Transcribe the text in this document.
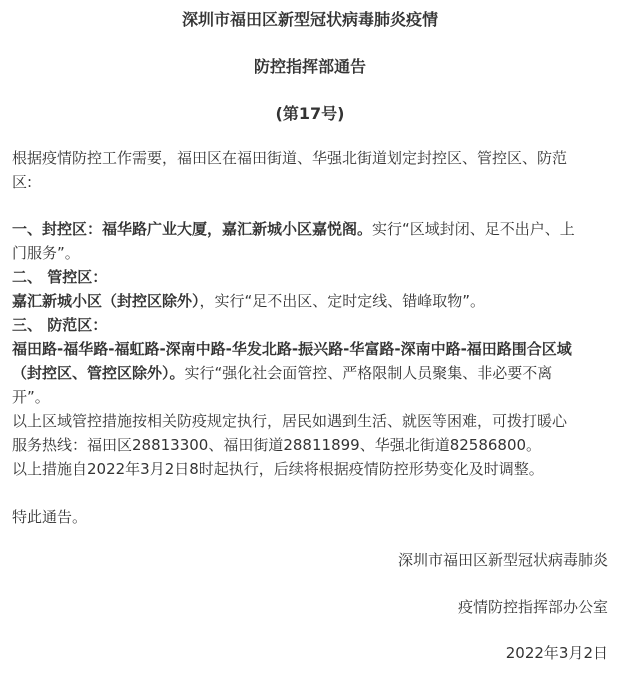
深圳市福田区新型冠状病毒肺炎疫情
防控指挥部通告
(第17号)
根据疫情防控工作需要，福田区在福田街道、华强北街道划定封控区、管控区、防范
区:
一、封控区：福华路广业大厦，嘉汇新城小区嘉悦阁。实行“区域封闭、足不出户、上
门服务”。
二、 管控区：
嘉汇新城小区（封控区除外），实行“足不出区、定时定线、错峰取物”。
三、 防范区：
福田路-福华路-福虹路-深南中路-华发北路-振兴路-华富路-深南中路-福田路围合区域
（封控区、管控区除外）。实行“强化社会面管控、严格限制人员聚集、非必要不离
开”。
以上区域管控措施按相关防疫规定执行，居民如遇到生活、就医等困难，可拨打暖心
服务热线：福田区28813300、福田街道28811899、华强北街道82586800。
以上措施自2022年3月2日8时起执行，后续将根据疫情防控形势变化及时调整。
特此通告。
深圳市福田区新型冠状病毒肺炎
疫情防控指挥部办公室
2022年3月2日
